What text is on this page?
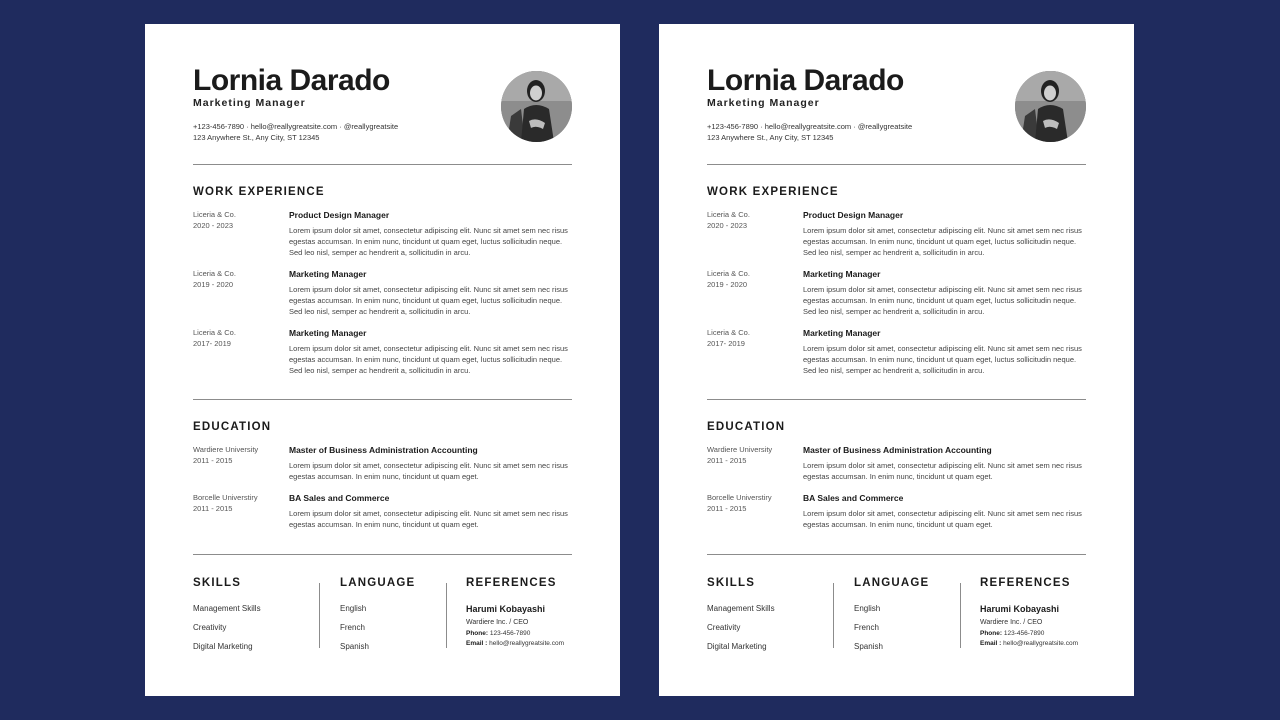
Lornia Darado
Marketing Manager
+123-456-7890 · hello@reallygreatsite.com · @reallygreatsite
123 Anywhere St., Any City, ST 12345
WORK EXPERIENCE
Liceria & Co.
2020 - 2023
Product Design Manager
Lorem ipsum dolor sit amet, consectetur adipiscing elit. Nunc sit amet sem nec risus egestas accumsan. In enim nunc, tincidunt ut quam eget, luctus sollicitudin neque. Sed leo nisl, semper ac hendrerit a, sollicitudin in arcu.
Liceria & Co.
2019 - 2020
Marketing Manager
Lorem ipsum dolor sit amet, consectetur adipiscing elit. Nunc sit amet sem nec risus egestas accumsan. In enim nunc, tincidunt ut quam eget, luctus sollicitudin neque. Sed leo nisl, semper ac hendrerit a, sollicitudin in arcu.
Liceria & Co.
2017- 2019
Marketing Manager
Lorem ipsum dolor sit amet, consectetur adipiscing elit. Nunc sit amet sem nec risus egestas accumsan. In enim nunc, tincidunt ut quam eget, luctus sollicitudin neque. Sed leo nisl, semper ac hendrerit a, sollicitudin in arcu.
EDUCATION
Wardiere University
2011 - 2015
Master of Business Administration Accounting
Lorem ipsum dolor sit amet, consectetur adipiscing elit. Nunc sit amet sem nec risus egestas accumsan. In enim nunc, tincidunt ut quam eget.
Borcelle Universtiry
2011 - 2015
BA Sales and Commerce
Lorem ipsum dolor sit amet, consectetur adipiscing elit. Nunc sit amet sem nec risus egestas accumsan. In enim nunc, tincidunt ut quam eget.
SKILLS
Management Skills
Creativity
Digital Marketing
LANGUAGE
English
French
Spanish
REFERENCES
Harumi Kobayashi
Wardiere Inc. / CEO
Phone: 123-456-7890
Email : hello@reallygreatsite.com
Lornia Darado
Marketing Manager
+123-456-7890 · hello@reallygreatsite.com · @reallygreatsite
123 Anywhere St., Any City, ST 12345
WORK EXPERIENCE
Liceria & Co.
2020 - 2023
Product Design Manager
Lorem ipsum dolor sit amet, consectetur adipiscing elit. Nunc sit amet sem nec risus egestas accumsan. In enim nunc, tincidunt ut quam eget, luctus sollicitudin neque. Sed leo nisl, semper ac hendrerit a, sollicitudin in arcu.
Liceria & Co.
2019 - 2020
Marketing Manager
Lorem ipsum dolor sit amet, consectetur adipiscing elit. Nunc sit amet sem nec risus egestas accumsan. In enim nunc, tincidunt ut quam eget, luctus sollicitudin neque. Sed leo nisl, semper ac hendrerit a, sollicitudin in arcu.
Liceria & Co.
2017- 2019
Marketing Manager
Lorem ipsum dolor sit amet, consectetur adipiscing elit. Nunc sit amet sem nec risus egestas accumsan. In enim nunc, tincidunt ut quam eget, luctus sollicitudin neque. Sed leo nisl, semper ac hendrerit a, sollicitudin in arcu.
EDUCATION
Wardiere University
2011 - 2015
Master of Business Administration Accounting
Lorem ipsum dolor sit amet, consectetur adipiscing elit. Nunc sit amet sem nec risus egestas accumsan. In enim nunc, tincidunt ut quam eget.
Borcelle Universtiry
2011 - 2015
BA Sales and Commerce
Lorem ipsum dolor sit amet, consectetur adipiscing elit. Nunc sit amet sem nec risus egestas accumsan. In enim nunc, tincidunt ut quam eget.
SKILLS
Management Skills
Creativity
Digital Marketing
LANGUAGE
English
French
Spanish
REFERENCES
Harumi Kobayashi
Wardiere Inc. / CEO
Phone: 123-456-7890
Email : hello@reallygreatsite.com
